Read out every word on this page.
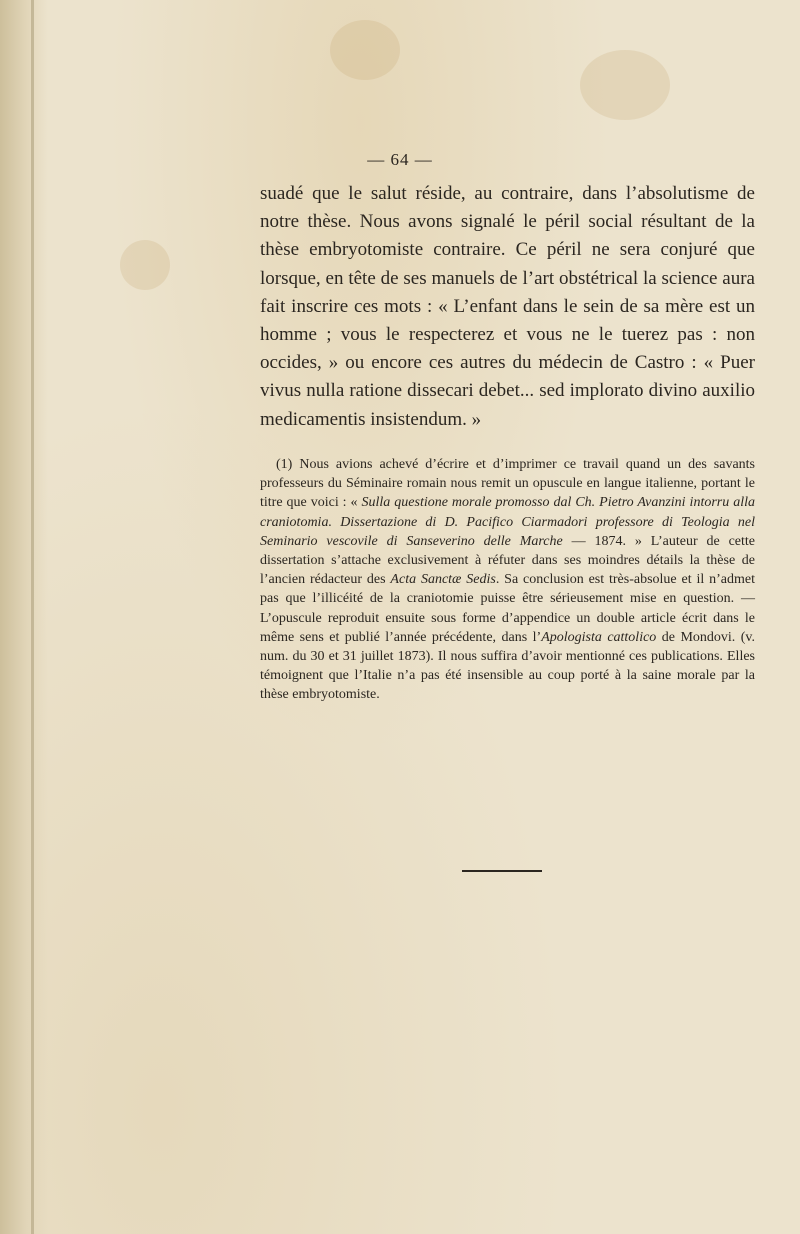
— 64 —

suadé que le salut réside, au contraire, dans l’absolutisme de notre thèse. Nous avons signalé le péril social résultant de la thèse embryotomiste contraire. Ce péril ne sera conjuré que lorsque, en tête de ses manuels de l’art obstétrical la science aura fait inscrire ces mots : « L’enfant dans le sein de sa mère est un homme ; vous le respecterez et vous ne le tuerez pas : non occides, » ou encore ces autres du médecin de Castro : « Puer vivus nulla ratione dissecari debet... sed implorato divino auxilio medicamentis insistendum. »

(1) Nous avions achevé d’écrire et d’imprimer ce travail quand un des savants professeurs du Séminaire romain nous remit un opuscule en langue italienne, portant le titre que voici : « Sulla questione morale promosso dal Ch. Pietro Avanzini intorru alla craniotomia. Dissertazione di D. Pacifico Ciarmadori professore di Teologia nel Seminario vescovile di Sanseverino delle Marche — 1874. » L’auteur de cette dissertation s’attache exclusivement à réfuter dans ses moindres détails la thèse de l’ancien rédacteur des Acta Sanctæ Sedis. Sa conclusion est très-absolue et il n’admet pas que l’illicéité de la craniotomie puisse être sérieusement mise en question. — L’opuscule reproduit ensuite sous forme d’appendice un double article écrit dans le même sens et publié l’année précédente, dans l’Apologista cattolico de Mondovi. (v. num. du 30 et 31 juillet 1873). Il nous suffira d’avoir mentionné ces publications. Elles témoignent que l’Italie n’a pas été insensible au coup porté à la saine morale par la thèse embryotomiste.
